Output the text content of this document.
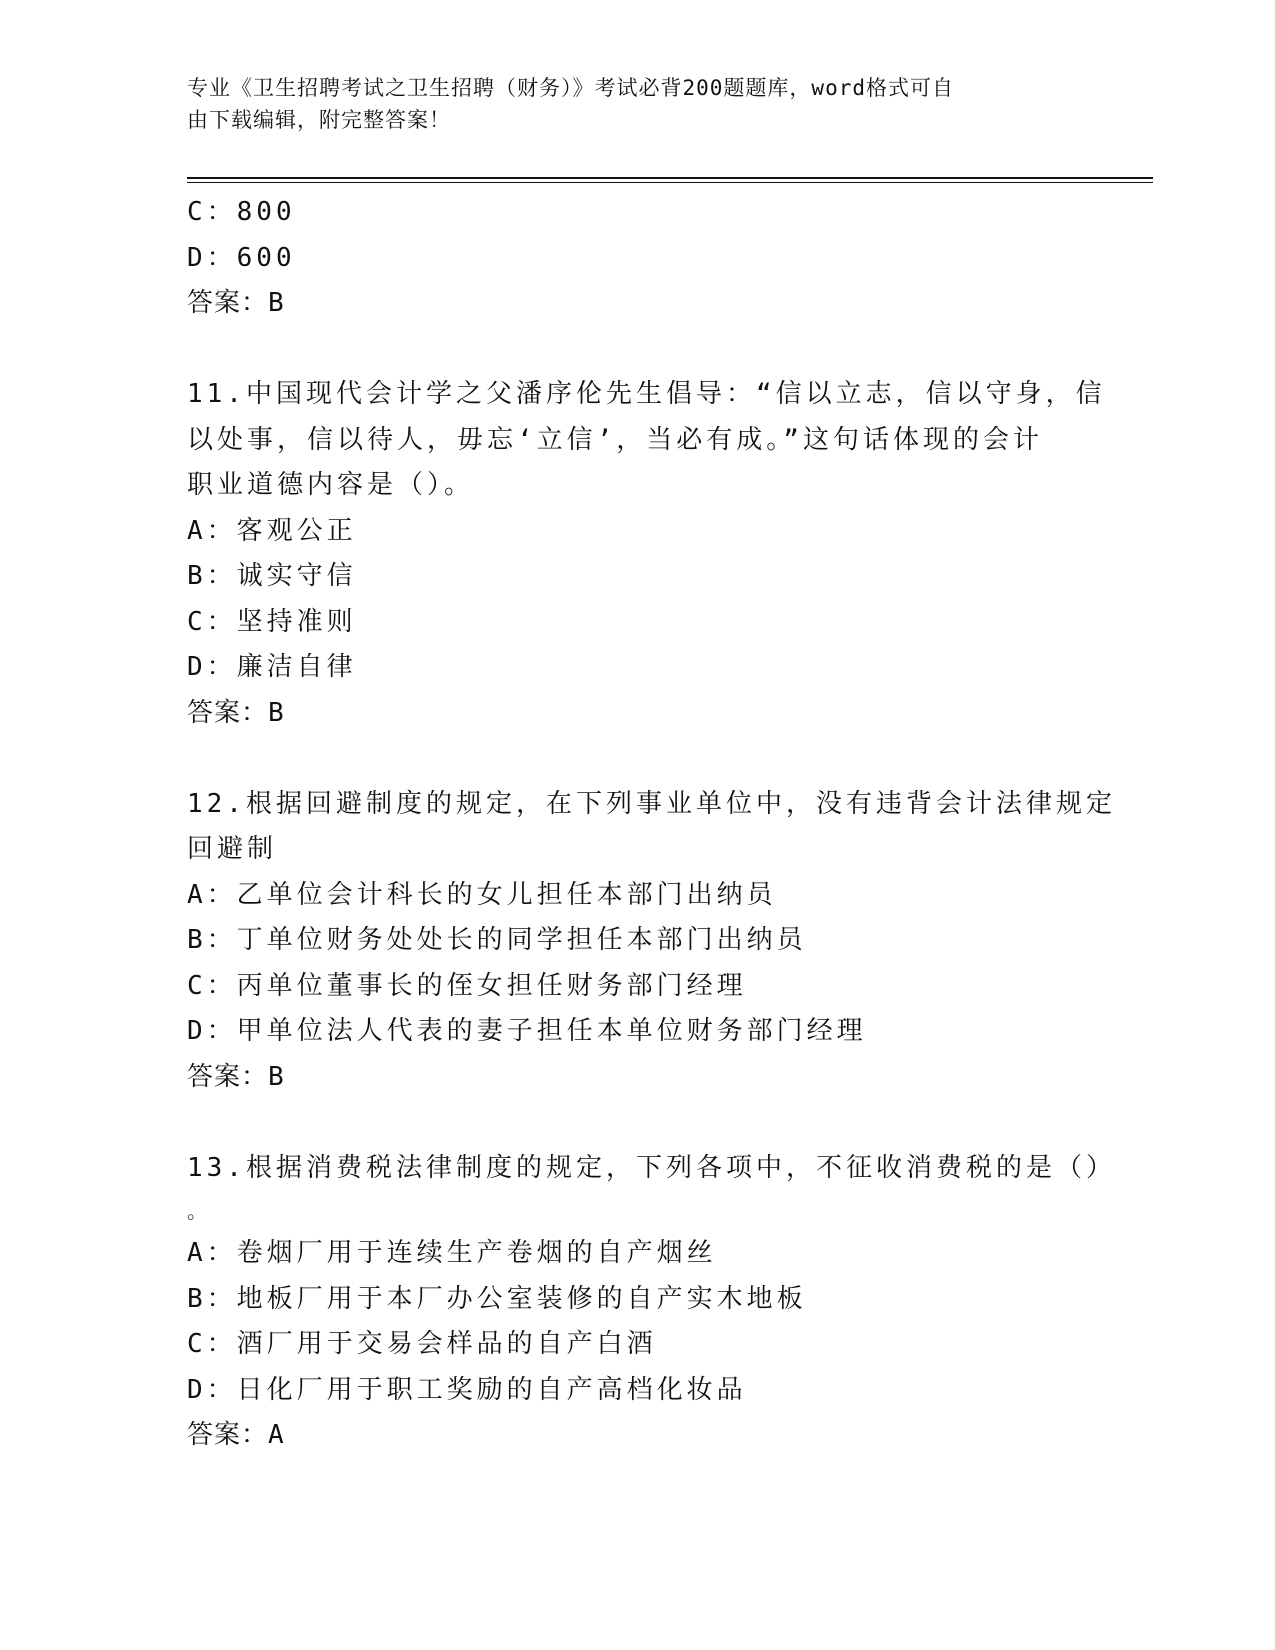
专业《卫生招聘考试之卫生招聘（财务）》考试必背200题题库，word格式可自
由下载编辑，附完整答案！
C：800
D：600
答案：B
11.中国现代会计学之父潘序伦先生倡导：“信以立志，信以守身，信
以处事，信以待人，毋忘‘立信’，当必有成。”这句话体现的会计
职业道德内容是（）。
A：客观公正
B：诚实守信
C：坚持准则
D：廉洁自律
答案：B
12.根据回避制度的规定，在下列事业单位中，没有违背会计法律规定
回避制
A：乙单位会计科长的女儿担任本部门出纳员
B：丁单位财务处处长的同学担任本部门出纳员
C：丙单位董事长的侄女担任财务部门经理
D：甲单位法人代表的妻子担任本单位财务部门经理
答案：B
13.根据消费税法律制度的规定，下列各项中，不征收消费税的是（）
。
A：卷烟厂用于连续生产卷烟的自产烟丝
B：地板厂用于本厂办公室装修的自产实木地板
C：酒厂用于交易会样品的自产白酒
D：日化厂用于职工奖励的自产高档化妆品
答案：A
